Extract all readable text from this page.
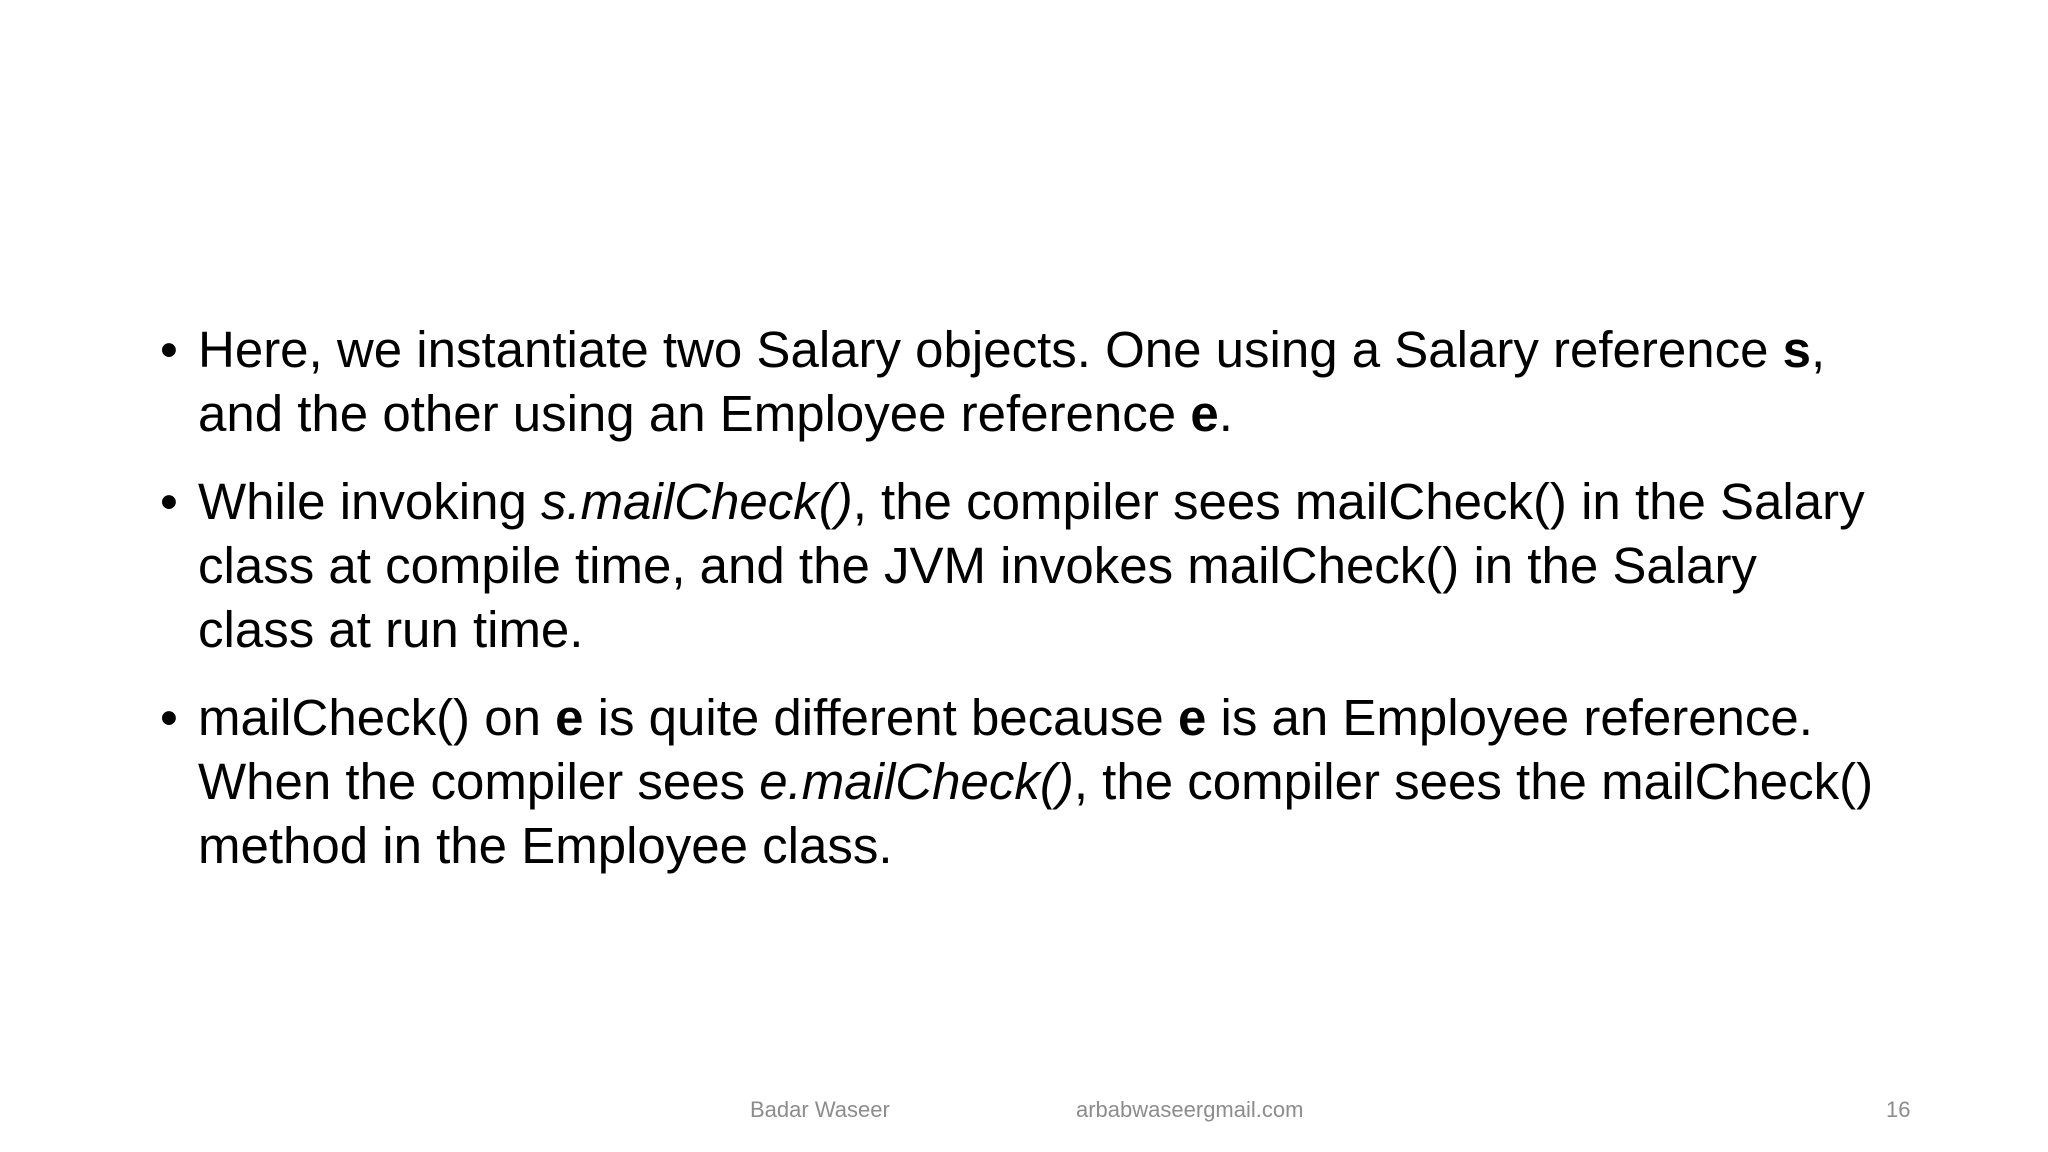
• Here, we instantiate two Salary objects. One using a Salary reference s, and the other using an Employee reference e.
• While invoking s.mailCheck(), the compiler sees mailCheck() in the Salary class at compile time, and the JVM invokes mailCheck() in the Salary class at run time.
• mailCheck() on e is quite different because e is an Employee reference. When the compiler sees e.mailCheck(), the compiler sees the mailCheck() method in the Employee class.
Badar Waseer	arbabwaseergmail.com	16
